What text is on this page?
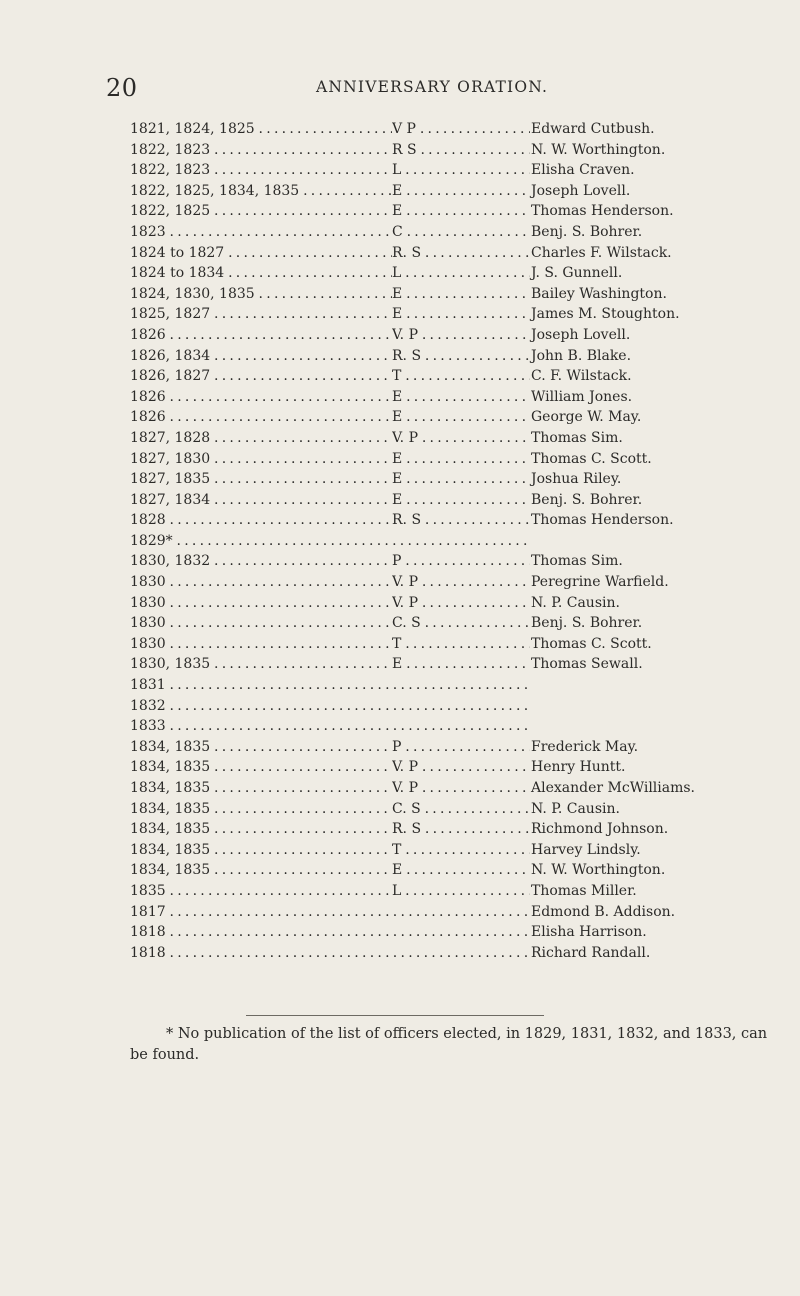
20	ANNIVERSARY ORATION.
1821, 1824, 1825 . . .	V P . . .	Edward Cutbush.
1822, 1823 . . .	R S . . .	N. W. Worthington.
1822, 1823 . . .	L . . .	Elisha Craven.
1822, 1825, 1834, 1835 . . .	E . . .	Joseph Lovell.
1822, 1825 . . .	E . . .	Thomas Henderson.
1823 . . .	C . . .	Benj. S. Bohrer.
1824 to 1827 . . .	R. S . . .	Charles F. Wilstack.
1824 to 1834 . . .	L . . .	J. S. Gunnell.
1824, 1830, 1835 . . .	E . . .	Bailey Washington.
1825, 1827 . . .	E . . .	James M. Stoughton.
1826 . . .	V. P . . .	Joseph Lovell.
1826, 1834 . . .	R. S . . .	John B. Blake.
1826, 1827 . . .	T . . .	C. F. Wilstack.
1826 . . .	E . . .	William Jones.
1826 . . .	E . . .	George W. May.
1827, 1828 . . .	V. P . . .	Thomas Sim.
1827, 1830 . . .	E . . .	Thomas C. Scott.
1827, 1835 . . .	E . . .	Joshua Riley.
1827, 1834 . . .	E . . .	Benj. S. Bohrer.
1828 . . .	R. S . . .	Thomas Henderson.
1829* . . .
1830, 1832 . . .	P . . .	Thomas Sim.
1830 . . .	V. P . . .	Peregrine Warfield.
1830 . . .	V. P . . .	N. P. Causin.
1830 . . .	C. S . . .	Benj. S. Bohrer.
1830 . . .	T . . .	Thomas C. Scott.
1830, 1835 . . .	E . . .	Thomas Sewall.
1831 . . .
1832 . . .
1833 . . .
1834, 1835 . . .	P . . .	Frederick May.
1834, 1835 . . .	V. P . . .	Henry Huntt.
1834, 1835 . . .	V. P . . .	Alexander McWilliams.
1834, 1835 . . .	C. S . . .	N. P. Causin.
1834, 1835 . . .	R. S . . .	Richmond Johnson.
1834, 1835 . . .	T . . .	Harvey Lindsly.
1834, 1835 . . .	E . . .	N. W. Worthington.
1835 . . .	L . . .	Thomas Miller.
1817 . . .	Edmond B. Addison.
1818 . . .	Elisha Harrison.
1818 . . .	Richard Randall.
* No publication of the list of officers elected, in 1829, 1831, 1832, and 1833, can be found.
